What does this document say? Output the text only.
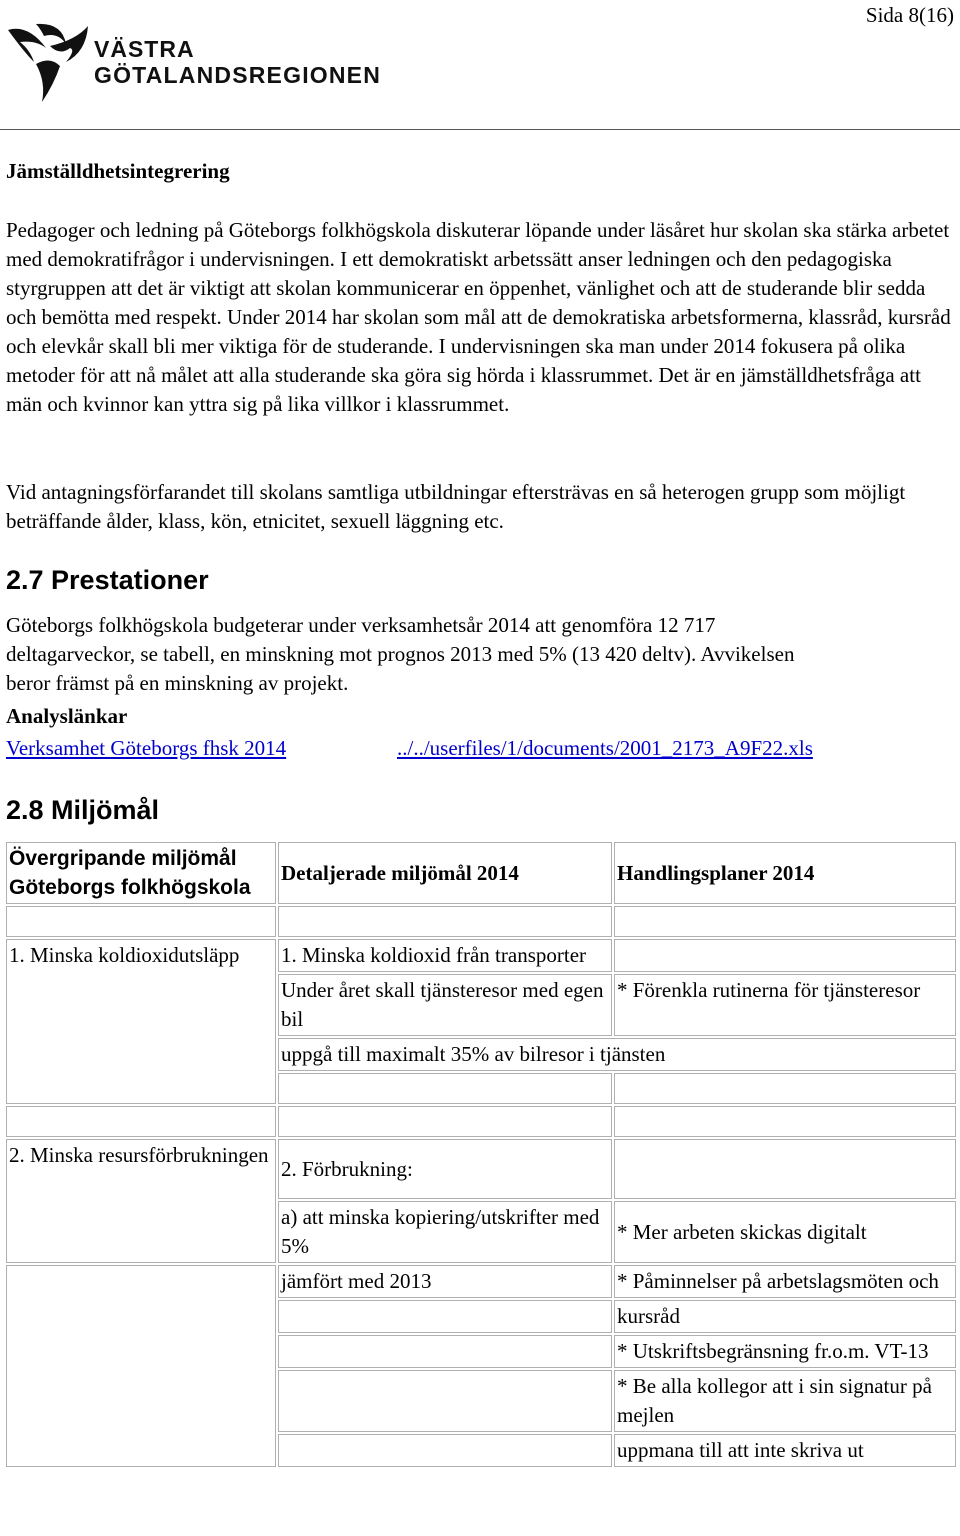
VÄSTRA
GÖTALANDSREGIONEN
Sida 8(16)
Jämställdhetsintegrering

Pedagoger och ledning på Göteborgs folkhögskola diskuterar löpande under läsåret hur skolan ska stärka arbetet med demokratifrågor i undervisningen. I ett demokratiskt arbetssätt anser ledningen och den pedagogiska styrgruppen att det är viktigt att skolan kommunicerar en öppenhet, vänlighet och att de studerande blir sedda och bemötta med respekt. Under 2014 har skolan som mål att de demokratiska arbetsformerna, klassråd, kursråd och elevkår skall bli mer viktiga för de studerande. I undervisningen ska man under 2014 fokusera på olika metoder för att nå målet att alla studerande ska göra sig hörda i klassrummet. Det är en jämställdhetsfråga att män och kvinnor kan yttra sig på lika villkor i klassrummet.

Vid antagningsförfarandet till skolans samtliga utbildningar eftersträvas en så heterogen grupp som möjligt beträffande ålder, klass, kön, etnicitet, sexuell läggning etc.

2.7 Prestationer

Göteborgs folkhögskola budgeterar under verksamhetsår 2014 att genomföra 12 717 deltagarveckor, se tabell, en minskning mot prognos 2013 med 5% (13 420 deltv). Avvikelsen beror främst på en minskning av projekt.

Analyslänkar
Verksamhet Göteborgs fhsk 2014	../../userfiles/1/documents/2001_2173_A9F22.xls
2.8 Miljömål
Övergripande miljömål Göteborgs folkhögskola	Detaljerade miljömål 2014	Handlingsplaner 2014

1. Minska koldioxidutsläpp	1. Minska koldioxid från transporter	
	Under året skall tjänsteresor med egen bil	* Förenkla rutinerna för tjänsteresor
	uppgå till maximalt 35% av bilresor i tjänsten	

2. Minska resursförbrukningen	2. Förbrukning:	
	a) att minska kopiering/utskrifter med 5%	* Mer arbeten skickas digitalt
	jämfört med 2013	* Påminnelser på arbetslagsmöten och
		kursråd
		* Utskriftsbegränsning fr.o.m. VT-13
		* Be alla kollegor att i sin signatur på mejlen
		uppmana till att inte skriva ut
